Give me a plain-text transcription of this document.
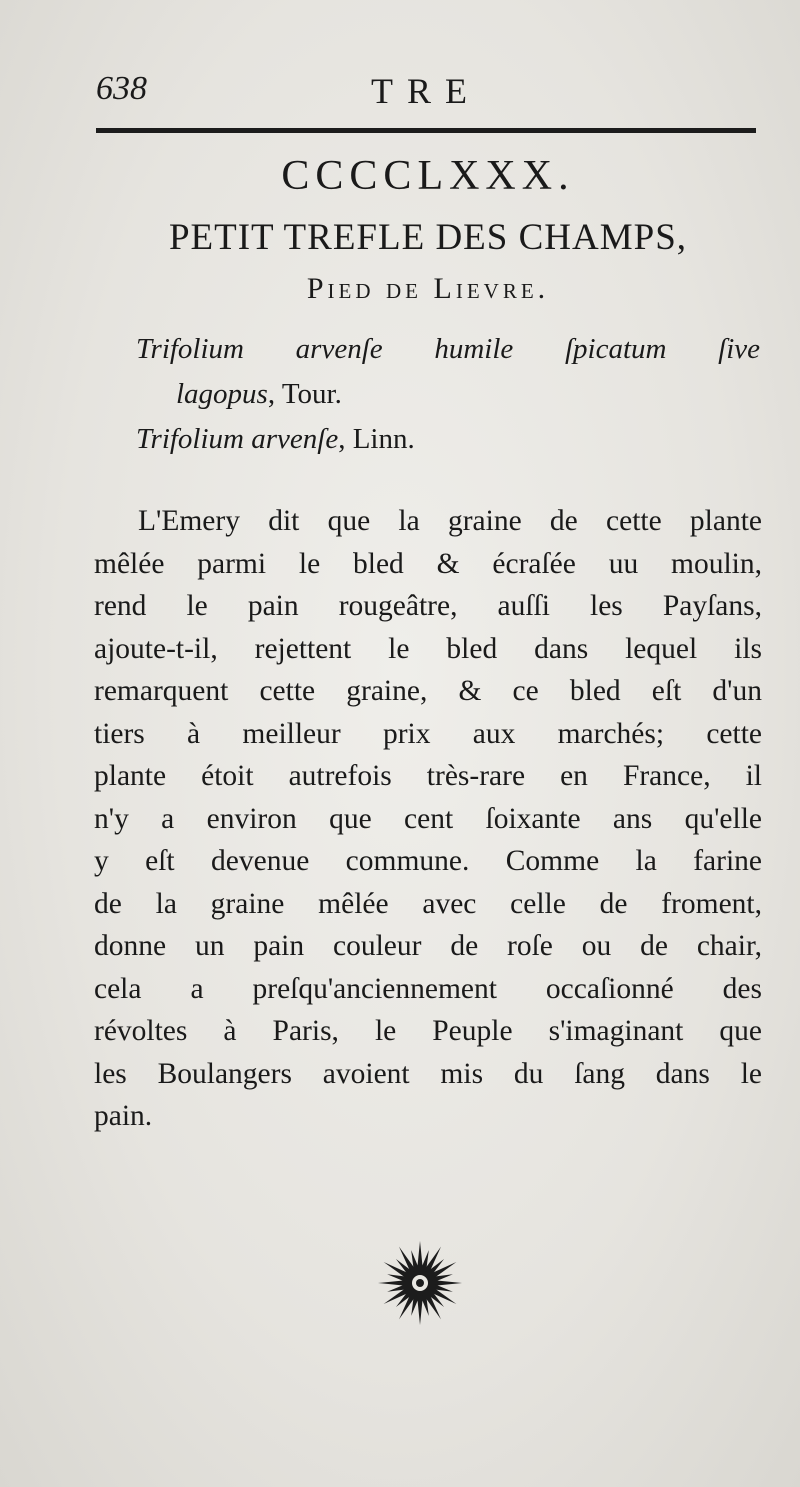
638	TRE
CCCCLXXX.
PETIT TREFLE DES CHAMPS,
Pied de Lievre.
Trifolium arvenſe humile ſpicatum ſive
lagopus, Tour.
Trifolium arvenſe, Linn.
L'Emery dit que la graine de cette plante
mêlée parmi le bled & écraſée uu moulin,
rend le pain rougeâtre, auſſi les Payſans,
ajoute-t-il, rejettent le bled dans lequel ils
remarquent cette graine, & ce bled eſt d'un
tiers à meilleur prix aux marchés; cette
plante étoit autrefois très-rare en France, il
n'y a environ que cent ſoixante ans qu'elle
y eſt devenue commune. Comme la farine
de la graine mêlée avec celle de froment,
donne un pain couleur de roſe ou de chair,
cela a preſqu'anciennement occaſionné des
révoltes à Paris, le Peuple s'imaginant que
les Boulangers avoient mis du ſang dans le
pain.
